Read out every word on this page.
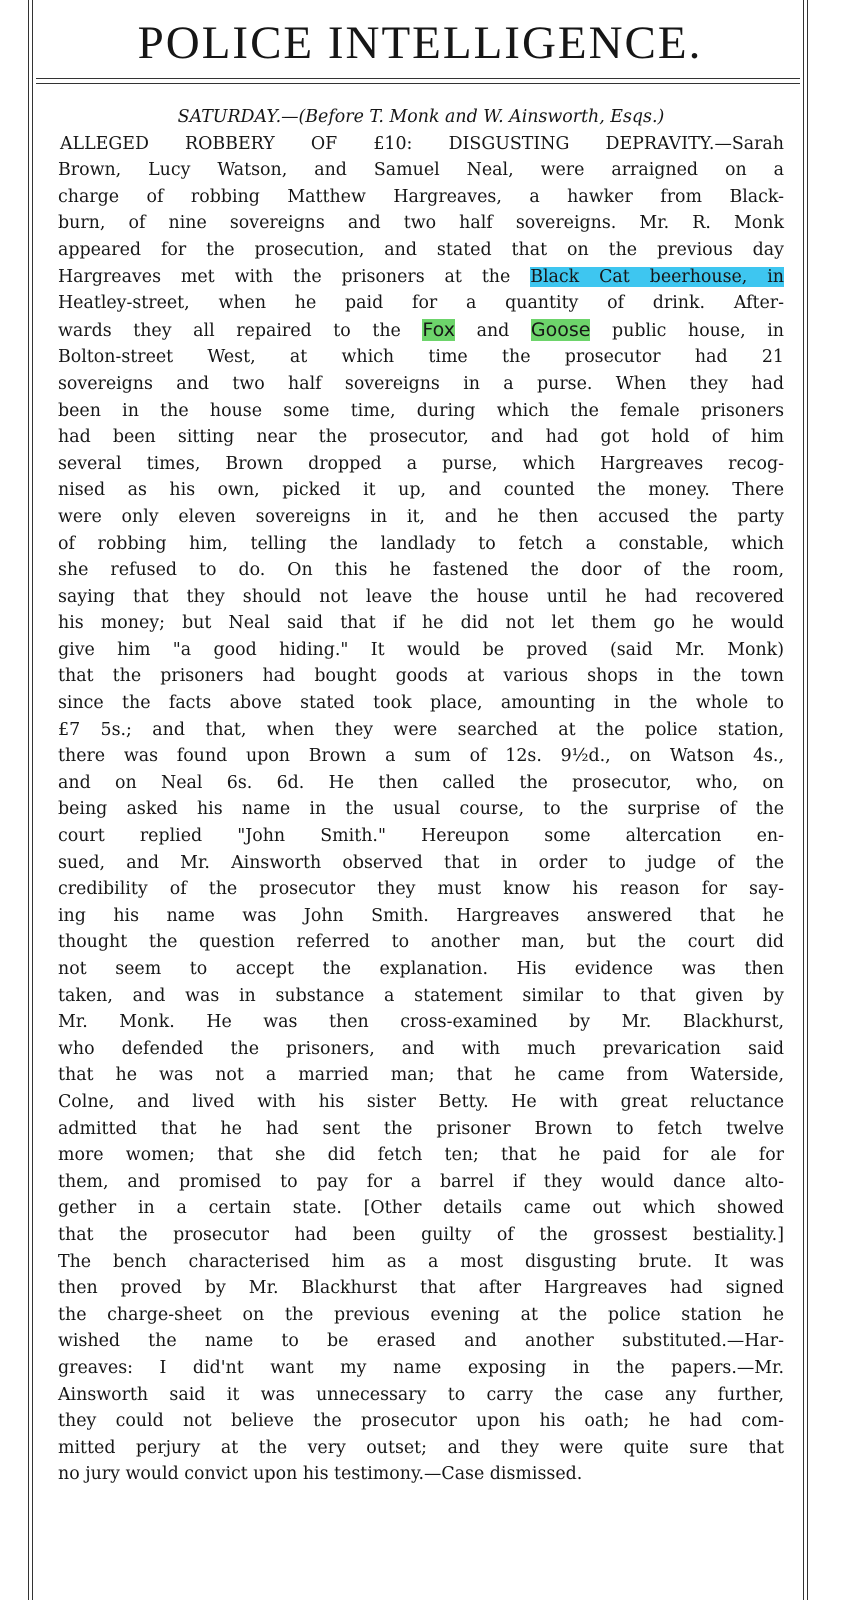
POLICE INTELLIGENCE.
SATURDAY.—(Before T. Monk and W. Ainsworth, Esqs.)
ALLEGED ROBBERY OF £10: DISGUSTING DEPRAVITY.—Sarah
Brown, Lucy Watson, and Samuel Neal, were arraigned on a
charge of robbing Matthew Hargreaves, a hawker from Black-
burn, of nine sovereigns and two half sovereigns. Mr. R. Monk
appeared for the prosecution, and stated that on the previous day
Hargreaves met with the prisoners at the Black Cat beerhouse, in
Heatley-street, when he paid for a quantity of drink. After-
wards they all repaired to the Fox and Goose public house, in
Bolton-street West, at which time the prosecutor had 21
sovereigns and two half sovereigns in a purse. When they had
been in the house some time, during which the female prisoners
had been sitting near the prosecutor, and had got hold of him
several times, Brown dropped a purse, which Hargreaves recog-
nised as his own, picked it up, and counted the money. There
were only eleven sovereigns in it, and he then accused the party
of robbing him, telling the landlady to fetch a constable, which
she refused to do. On this he fastened the door of the room,
saying that they should not leave the house until he had recovered
his money; but Neal said that if he did not let them go he would
give him "a good hiding." It would be proved (said Mr. Monk)
that the prisoners had bought goods at various shops in the town
since the facts above stated took place, amounting in the whole to
£7 5s.; and that, when they were searched at the police station,
there was found upon Brown a sum of 12s. 9½d., on Watson 4s.,
and on Neal 6s. 6d. He then called the prosecutor, who, on
being asked his name in the usual course, to the surprise of the
court replied "John Smith." Hereupon some altercation en-
sued, and Mr. Ainsworth observed that in order to judge of the
credibility of the prosecutor they must know his reason for say-
ing his name was John Smith. Hargreaves answered that he
thought the question referred to another man, but the court did
not seem to accept the explanation. His evidence was then
taken, and was in substance a statement similar to that given by
Mr. Monk. He was then cross-examined by Mr. Blackhurst,
who defended the prisoners, and with much prevarication said
that he was not a married man; that he came from Waterside,
Colne, and lived with his sister Betty. He with great reluctance
admitted that he had sent the prisoner Brown to fetch twelve
more women; that she did fetch ten; that he paid for ale for
them, and promised to pay for a barrel if they would dance alto-
gether in a certain state. [Other details came out which showed
that the prosecutor had been guilty of the grossest bestiality.]
The bench characterised him as a most disgusting brute. It was
then proved by Mr. Blackhurst that after Hargreaves had signed
the charge-sheet on the previous evening at the police station he
wished the name to be erased and another substituted.—Har-
greaves: I did'nt want my name exposing in the papers.—Mr.
Ainsworth said it was unnecessary to carry the case any further,
they could not believe the prosecutor upon his oath; he had com-
mitted perjury at the very outset; and they were quite sure that
no jury would convict upon his testimony.—Case dismissed.
